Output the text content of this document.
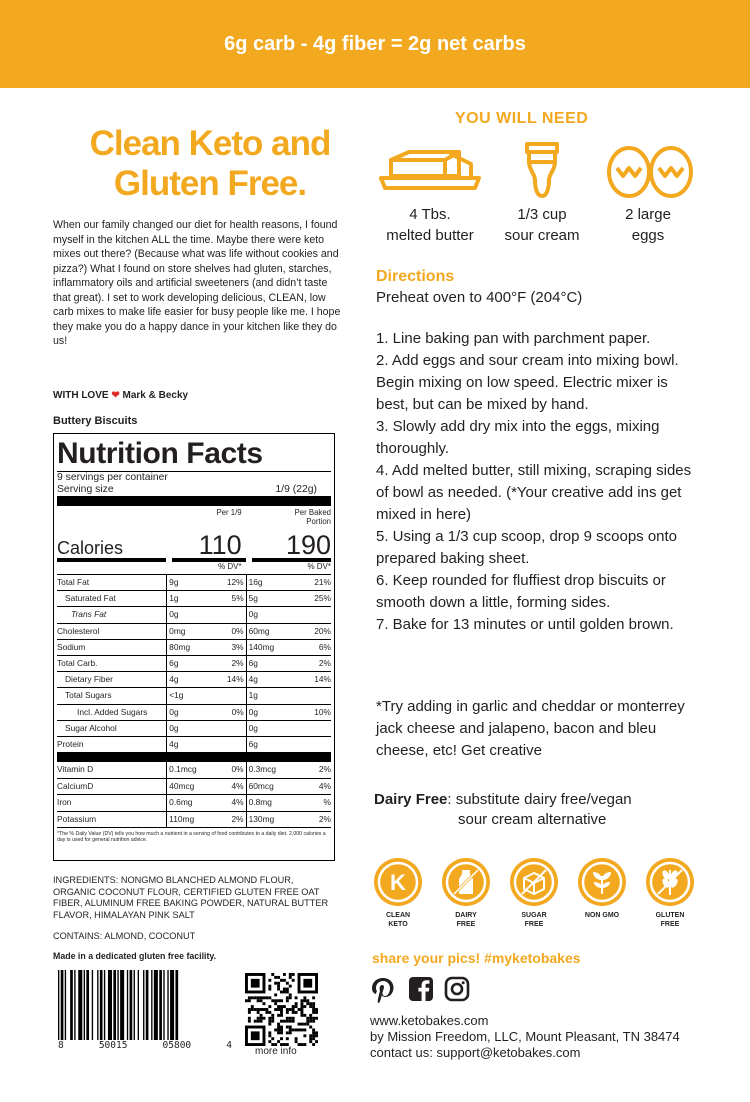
6g carb - 4g fiber = 2g net carbs
Clean Keto and
Gluten Free.

When our family changed our diet for health reasons, I found myself in the kitchen ALL the time. Maybe there were keto mixes out there? (Because what was life without cookies and pizza?) What I found on store shelves had gluten, starches, inflammatory oils and artificial sweeteners (and didn’t taste that great). I set to work developing delicious, CLEAN, low carb mixes to make life easier for busy people like me. I hope they make you do a happy dance in your kitchen like they do us!

WITH LOVE ❤ Mark & Becky
Buttery Biscuits
Nutrition Facts
9 servings per container
Serving size	1/9 (22g)
Per 1/9	Per Baked
Portion
Calories	110	190
% DV*	% DV*
Total Fat	9g	12% 16g	21%
Saturated Fat	1g	5% 5g	25%
Trans Fat	0g	0g
Cholesterol	0mg	0% 60mg	20%
Sodium	80mg	3% 140mg	6%
Total Carb.	6g	2% 6g	2%
Dietary Fiber	4g	14% 4g	14%
Total Sugars	<1g	1g
Incl. Added Sugars	0g	0% 0g	10%
Sugar Alcohol	0g	0g
Protein	4g	6g
Vitamin D	0.1mcg	0% 0.3mcg	2%
CalciumD	40mcg	4% 60mcg	4%
Iron	0.6mg	4% 0.8mg	%
Potassium	110mg	2% 130mg	2%
*The % Daily Value (DV) tells you how much a nutrient in a serving of food contributes to a daily diet. 2,000 calories a day is used for general nutrition advice.

INGREDIENTS: NONGMO BLANCHED ALMOND FLOUR, ORGANIC COCONUT FLOUR, CERTIFIED GLUTEN FREE OAT FIBER, ALUMINUM FREE BAKING POWDER, NATURAL BUTTER FLAVOR, HIMALAYAN PINK SALT

CONTAINS: ALMOND, COCONUT

Made in a dedicated gluten free facility.

8	50015	05800	4
more info
YOU WILL NEED
4 Tbs.
melted butter
1/3 cup
sour cream
2 large
eggs
Directions
Preheat oven to 400°F (204°C)
1. Line baking pan with parchment paper.
2. Add eggs and sour cream into mixing bowl. Begin mixing on low speed. Electric mixer is best, but can be mixed by hand.
3. Slowly add dry mix into the eggs, mixing thoroughly.
4. Add melted butter, still mixing, scraping sides of bowl as needed. (*Your creative add ins get mixed in here)
5. Using a 1/3 cup scoop, drop 9 scoops onto prepared baking sheet.
6. Keep rounded for fluffiest drop biscuits or smooth down a little, forming sides.
7. Bake for 13 minutes or until golden brown.

*Try adding in garlic and cheddar or monterrey jack cheese and jalapeno, bacon and bleu cheese, etc! Get creative

Dairy Free: substitute dairy free/vegan
sour cream alternative
K
CLEAN
KETO
DAIRY
FREE
SUGAR
FREE
NON GMO	GLUTEN
FREE
share your pics! #myketobakes
www.ketobakes.com
by Mission Freedom, LLC, Mount Pleasant, TN 38474
contact us: support@ketobakes.com
